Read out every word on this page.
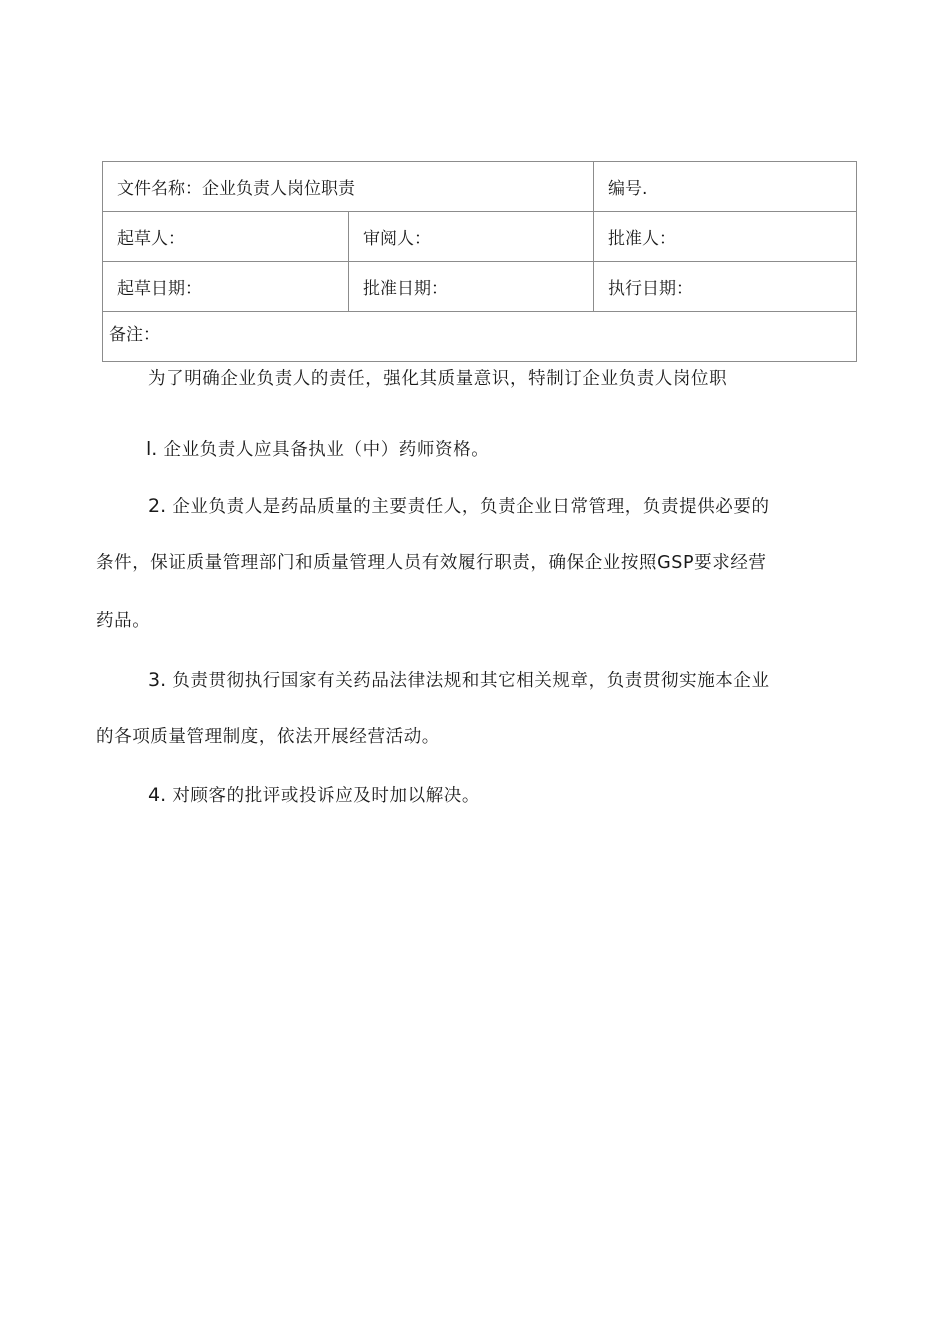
文件名称：企业负责人岗位职责		编号.
起草人：	审阅人：	批准人：
起草日期：	批准日期：	执行日期：
备注：		
为了明确企业负责人的责任，强化其质量意识，特制订企业负责人岗位职
l. 企业负责人应具备执业（中）药师资格。
2. 企业负责人是药品质量的主要责任人，负责企业日常管理，负责提供必要的
条件，保证质量管理部门和质量管理人员有效履行职责，确保企业按照GSP要求经营
药品。
3. 负责贯彻执行国家有关药品法律法规和其它相关规章，负责贯彻实施本企业
的各项质量管理制度，依法开展经营活动。
4. 对顾客的批评或投诉应及时加以解决。
